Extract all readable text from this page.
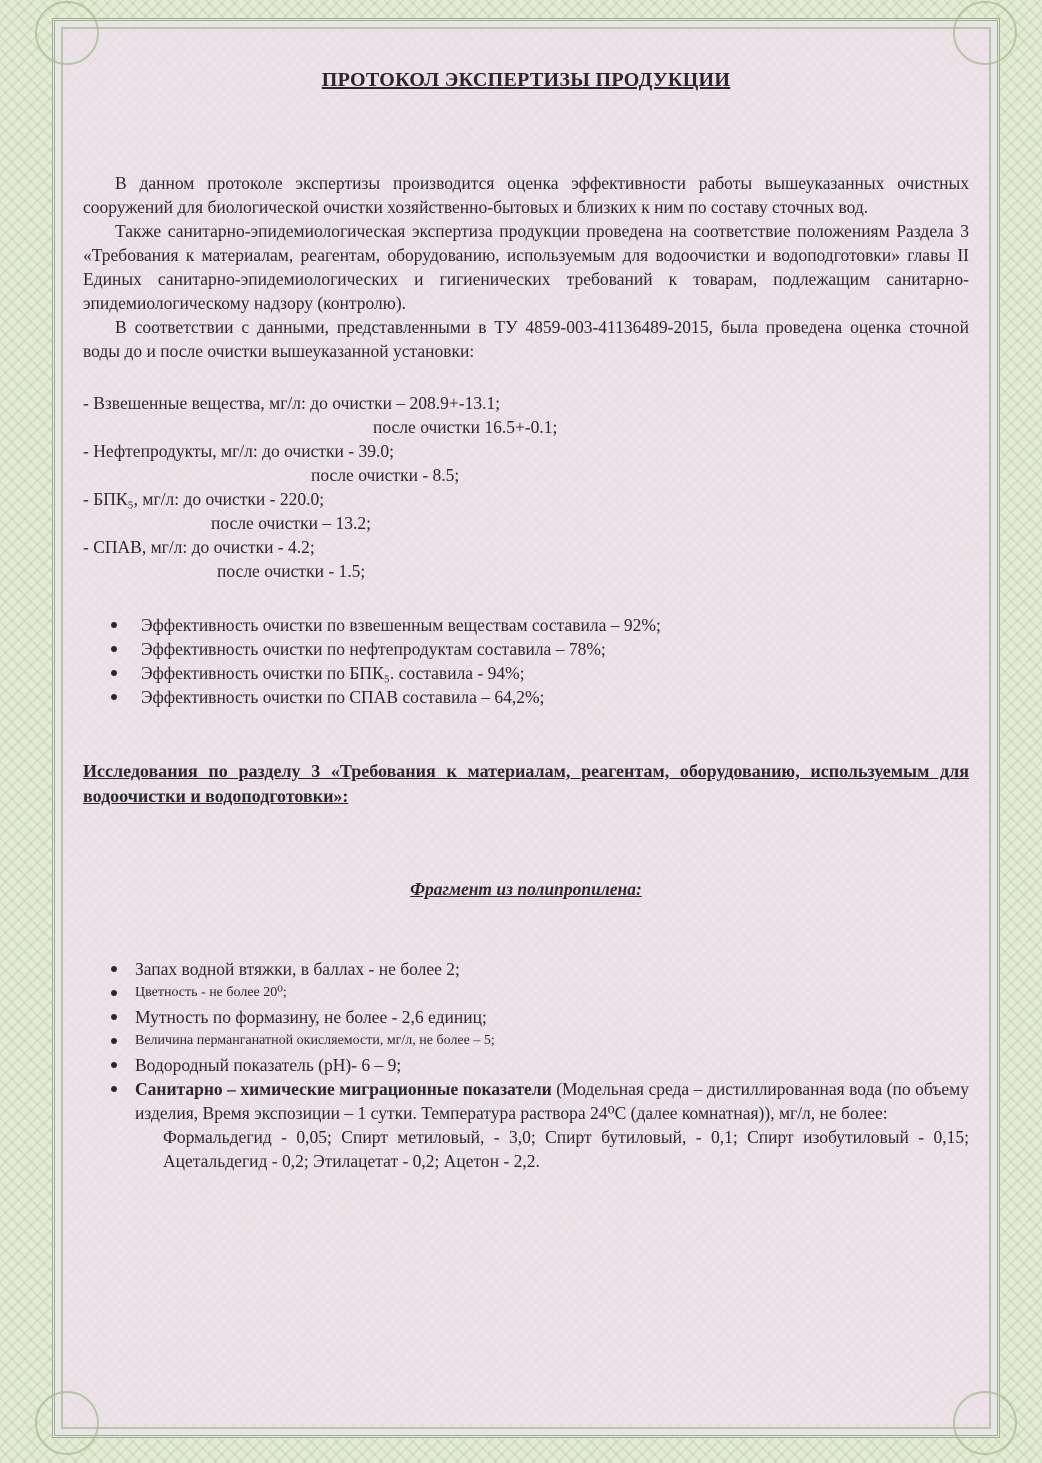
ПРОТОКОЛ ЭКСПЕРТИЗЫ ПРОДУКЦИИ

В данном протоколе экспертизы производится оценка эффективности работы вышеуказанных очистных сооружений для биологической очистки хозяйственно-бытовых и близких к ним по составу сточных вод.

Также санитарно-эпидемиологическая экспертиза продукции проведена на соответствие положениям Раздела 3 «Требования к материалам, реагентам, оборудованию, используемым для водоочистки и водоподготовки» главы II Единых санитарно-эпидемиологических и гигиенических требований к товарам, подлежащим санитарно-эпидемиологическому надзору (контролю).

В соответствии с данными, представленными в ТУ 4859-003-41136489-2015, была проведена оценка сточной воды до и после очистки вышеуказанной установки:

- Взвешенные вещества, мг/л: до очистки – 208.9+-13.1;
после очистки 16.5+-0.1;
- Нефтепродукты, мг/л: до очистки - 39.0;
после очистки - 8.5;
- БПК₅, мг/л: до очистки - 220.0;
после очистки – 13.2;
- СПАВ, мг/л: до очистки - 4.2;
после очистки - 1.5;
Эффективность очистки по взвешенным веществам составила – 92%;
Эффективность очистки по нефтепродуктам составила – 78%;
Эффективность очистки по БПК₅. составила - 94%;
Эффективность очистки по СПАВ составила – 64,2%;

Исследования по разделу 3 «Требования к материалам, реагентам, оборудованию, используемым для водоочистки и водоподготовки»:

Фрагмент из полипропилена:

Запах водной втяжки, в баллах - не более 2;
Цветность - не более 20⁰;
Мутность по формазину, не более - 2,6 единиц;
Величина перманганатной окисляемости, мг/л, не более – 5;
Водородный показатель (рН)- 6 – 9;
Санитарно – химические миграционные показатели (Модельная среда – дистиллированная вода (по объему изделия, Время экспозиции – 1 сутки. Температура раствора 24⁰С (далее комнатная)), мг/л, не более:

Формальдегид - 0,05; Спирт метиловый, - 3,0; Спирт бутиловый, - 0,1; Спирт изобутиловый - 0,15; Ацетальдегид - 0,2; Этилацетат - 0,2; Ацетон - 2,2.
